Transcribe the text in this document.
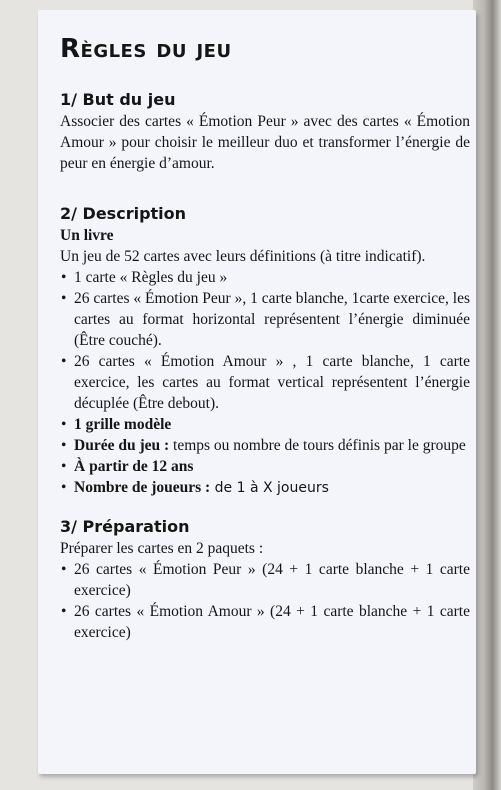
Règles du jeu
1/ But du jeu

Associer des cartes « Émotion Peur » avec des cartes « Émotion Amour » pour choisir le meilleur duo et transformer l’énergie de peur en énergie d’amour.

2/ Description
Un livre

Un jeu de 52 cartes avec leurs définitions (à titre indicatif).

• 1 carte « Règles du jeu »
• 26 cartes « Émotion Peur », 1 carte blanche, 1carte exercice, les cartes au format horizontal représentent l’énergie diminuée (Être couché).
• 26 cartes « Émotion Amour » , 1 carte blanche, 1 carte exercice, les cartes au format vertical représentent l’énergie décuplée (Être debout).
• 1 grille modèle
• Durée du jeu : temps ou nombre de tours définis par le groupe
• À partir de 12 ans
• Nombre de joueurs : de 1 à X joueurs
3/ Préparation

Préparer les cartes en 2 paquets :

• 26 cartes « Émotion Peur » (24 + 1 carte blanche + 1 carte exercice)
• 26 cartes « Émotion Amour » (24 + 1 carte blanche + 1 carte exercice)
